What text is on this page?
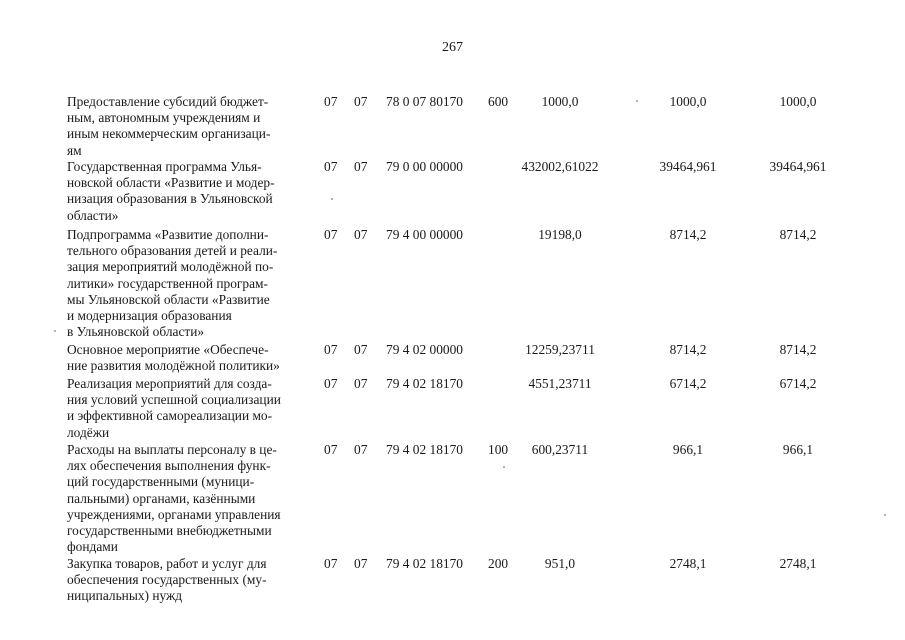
267
Предоставление субсидий бюджет-
ным, автономным учреждениям и
иным некоммерческим организаци-
ям
07 07 78 0 07 80170 600	1000,0	1000,0	1000,0
Государственная программа Улья-
новской области «Развитие и модер-
низация образования в Ульяновской
области»
07 07 79 0 00 00000	432002,61022	39464,961	39464,961
Подпрограмма «Развитие дополни-
тельного образования детей и реали-
зация мероприятий молодёжной по-
литики» государственной програм-
мы Ульяновской области «Развитие
и модернизация образования
в Ульяновской области»
07 07 79 4 00 00000	19198,0	8714,2	8714,2
Основное мероприятие «Обеспече-
ние развития молодёжной политики»
07 07 79 4 02 00000	12259,23711	8714,2	8714,2
Реализация мероприятий для созда-
ния условий успешной социализации
и эффективной самореализации мо-
лодёжи
07 07 79 4 02 18170	4551,23711	6714,2	6714,2
Расходы на выплаты персоналу в це-
лях обеспечения выполнения функ-
ций государственными (муници-
пальными) органами, казёнными
учреждениями, органами управления
государственными внебюджетными
фондами
07 07 79 4 02 18170 100	600,23711	966,1	966,1
Закупка товаров, работ и услуг для
обеспечения государственных (му-
ниципальных) нужд
07 07 79 4 02 18170 200	951,0	2748,1	2748,1
